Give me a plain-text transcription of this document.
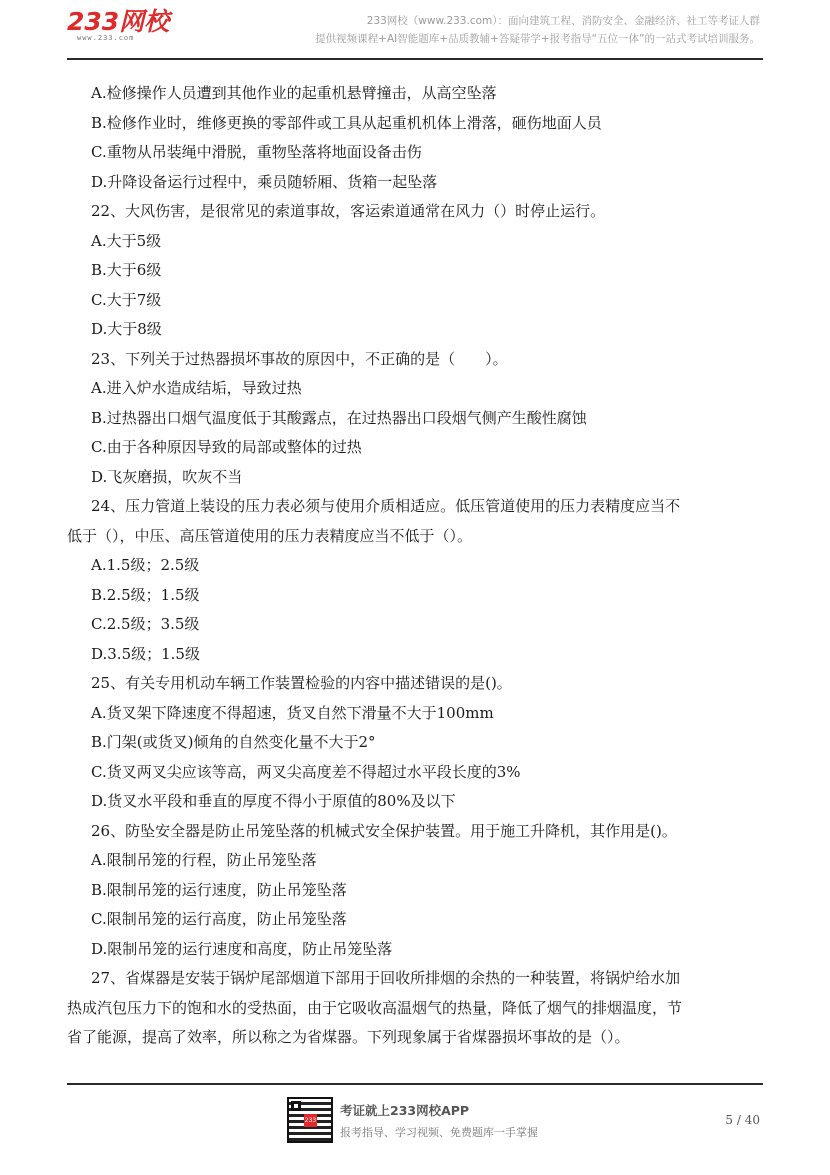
233网校
www.233.com
233网校（www.233.com）：面向建筑工程、消防安全、金融经济、社工等考证人群
提供视频课程+AI智能题库+品质教辅+答疑带学+报考指导“五位一体”的一站式考试培训服务。
A.检修操作人员遭到其他作业的起重机悬臂撞击，从高空坠落
B.检修作业时，维修更换的零部件或工具从起重机机体上滑落，砸伤地面人员
C.重物从吊装绳中滑脱，重物坠落将地面设备击伤
D.升降设备运行过程中，乘员随轿厢、货箱一起坠落
22、大风伤害，是很常见的索道事故，客运索道通常在风力（）时停止运行。
A.大于5级
B.大于6级
C.大于7级
D.大于8级
23、下列关于过热器损坏事故的原因中，不正确的是（　　）。
A.进入炉水造成结垢，导致过热
B.过热器出口烟气温度低于其酸露点，在过热器出口段烟气侧产生酸性腐蚀
C.由于各种原因导致的局部或整体的过热
D.飞灰磨损，吹灰不当
24、压力管道上装设的压力表必须与使用介质相适应。低压管道使用的压力表精度应当不
低于（），中压、高压管道使用的压力表精度应当不低于（）。
A.1.5级；2.5级
B.2.5级；1.5级
C.2.5级；3.5级
D.3.5级；1.5级
25、有关专用机动车辆工作装置检验的内容中描述错误的是()。
A.货叉架下降速度不得超速，货叉自然下滑量不大于100mm
B.门架(或货叉)倾角的自然变化量不大于2°
C.货叉两叉尖应该等高，两叉尖高度差不得超过水平段长度的3%
D.货叉水平段和垂直的厚度不得小于原值的80%及以下
26、防坠安全器是防止吊笼坠落的机械式安全保护装置。用于施工升降机，其作用是()。
A.限制吊笼的行程，防止吊笼坠落
B.限制吊笼的运行速度，防止吊笼坠落
C.限制吊笼的运行高度，防止吊笼坠落
D.限制吊笼的运行速度和高度，防止吊笼坠落
27、省煤器是安装于锅炉尾部烟道下部用于回收所排烟的余热的一种装置，将锅炉给水加
热成汽包压力下的饱和水的受热面，由于它吸收高温烟气的热量，降低了烟气的排烟温度，节
省了能源，提高了效率，所以称之为省煤器。下列现象属于省煤器损坏事故的是（）。
233
考证就上233网校APP
报考指导、学习视频、免费题库一手掌握
5 / 40
